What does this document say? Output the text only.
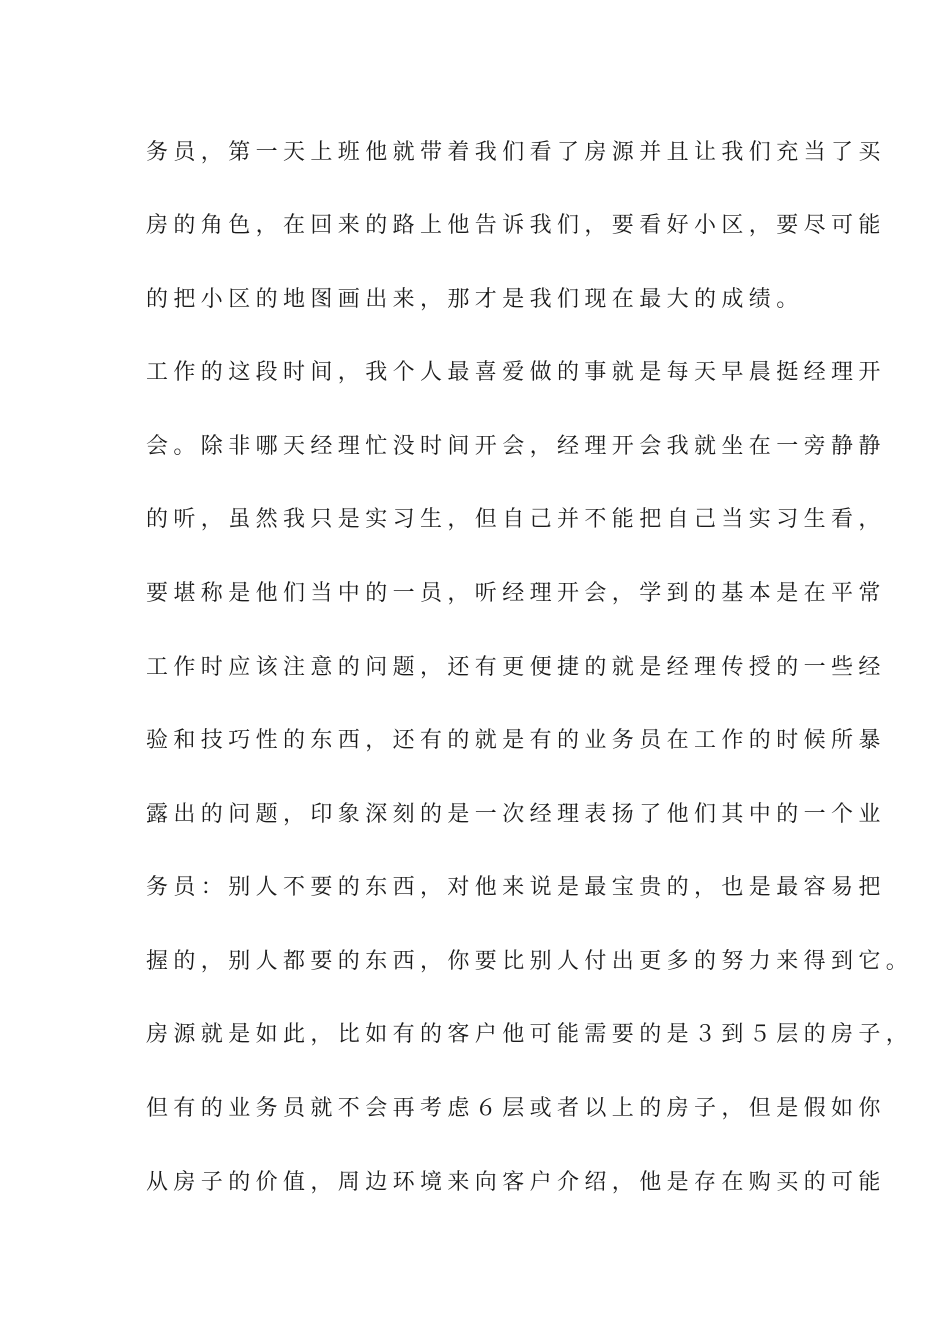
务员，第一天上班他就带着我们看了房源并且让我们充当了买
房的角色，在回来的路上他告诉我们，要看好小区，要尽可能
的把小区的地图画出来，那才是我们现在最大的成绩。
工作的这段时间，我个人最喜爱做的事就是每天早晨挺经理开
会。除非哪天经理忙没时间开会，经理开会我就坐在一旁静静
的听，虽然我只是实习生，但自己并不能把自己当实习生看，
要堪称是他们当中的一员，听经理开会，学到的基本是在平常
工作时应该注意的问题，还有更便捷的就是经理传授的一些经
验和技巧性的东西，还有的就是有的业务员在工作的时候所暴
露出的问题，印象深刻的是一次经理表扬了他们其中的一个业
务员：别人不要的东西，对他来说是最宝贵的，也是最容易把
握的，别人都要的东西，你要比别人付出更多的努力来得到它。
房源就是如此，比如有的客户他可能需要的是３到５层的房子，
但有的业务员就不会再考虑６层或者以上的房子，但是假如你
从房子的价值，周边环境来向客户介绍，他是存在购买的可能
